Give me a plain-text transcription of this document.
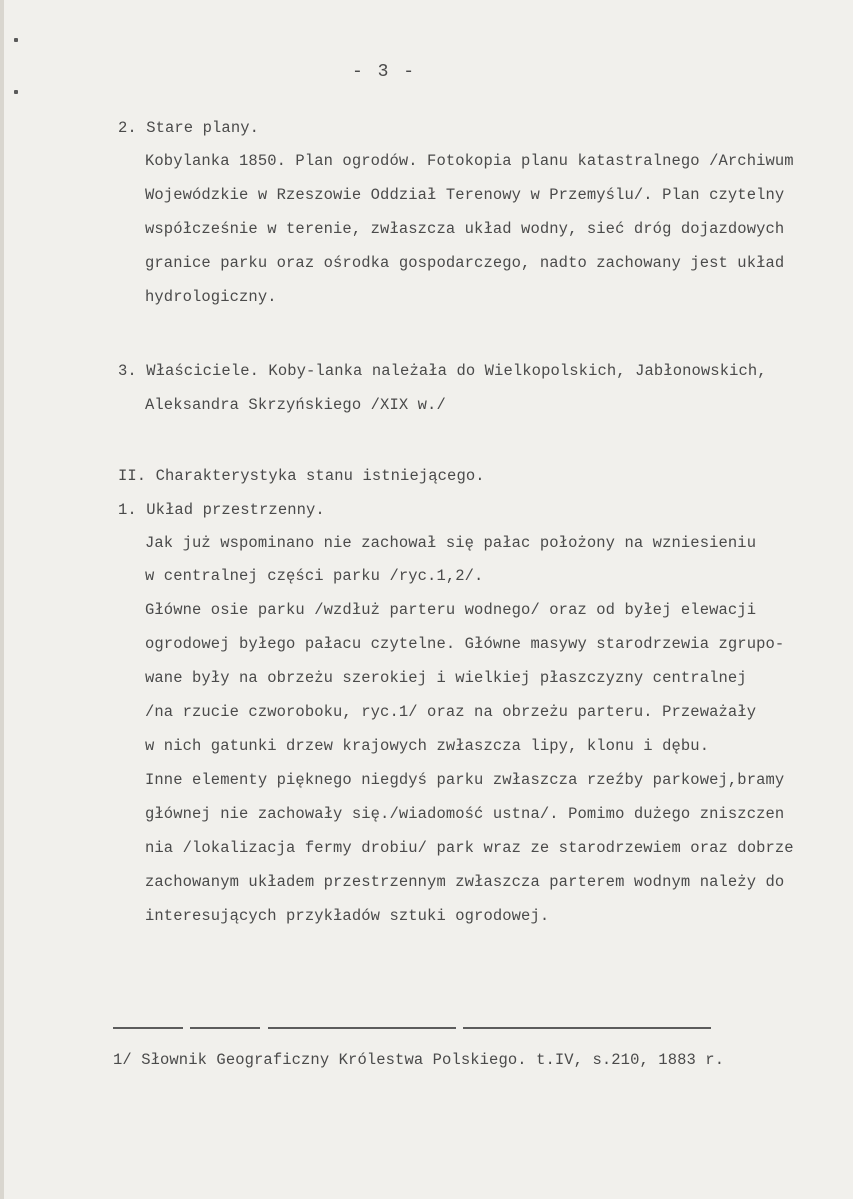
- 3 -
2. Stare plany.
Kobylanka 1850. Plan ogrodów. Fotokopia planu katastralnego /Archiwum
Wojewódzkie w Rzeszowie Oddział Terenowy w Przemyślu/. Plan czytelny
współcześnie w terenie, zwłaszcza układ wodny, sieć dróg dojazdowych
granice parku oraz ośrodka gospodarczego, nadto zachowany jest układ
hydrologiczny.
3. Właściciele. Koby-lanka należała do Wielkopolskich, Jabłonowskich,
Aleksandra Skrzyńskiego /XIX w./
II. Charakterystyka stanu istniejącego.
1. Układ przestrzenny.
Jak już wspominano nie zachował się pałac położony na wzniesieniu
w centralnej części parku /ryc.1,2/.
Główne osie parku /wzdłuż parteru wodnego/ oraz od byłej elewacji
ogrodowej byłego pałacu czytelne. Główne masywy starodrzewia zgrupo-
wane były na obrzeżu szerokiej i wielkiej płaszczyzny centralnej
/na rzucie czworoboku, ryc.1/ oraz na obrzeżu parteru. Przeważały
w nich gatunki drzew krajowych zwłaszcza lipy, klonu i dębu.
Inne elementy pięknego niegdyś parku zwłaszcza rzeźby parkowej,bramy
głównej nie zachowały się./wiadomość ustna/. Pomimo dużego zniszczen
nia /lokalizacja fermy drobiu/ park wraz ze starodrzewiem oraz dobrze
zachowanym układem przestrzennym zwłaszcza parterem wodnym należy do
interesujących przykładów sztuki ogrodowej.
1/ Słownik Geograficzny Królestwa Polskiego. t.IV, s.210, 1883 r.
